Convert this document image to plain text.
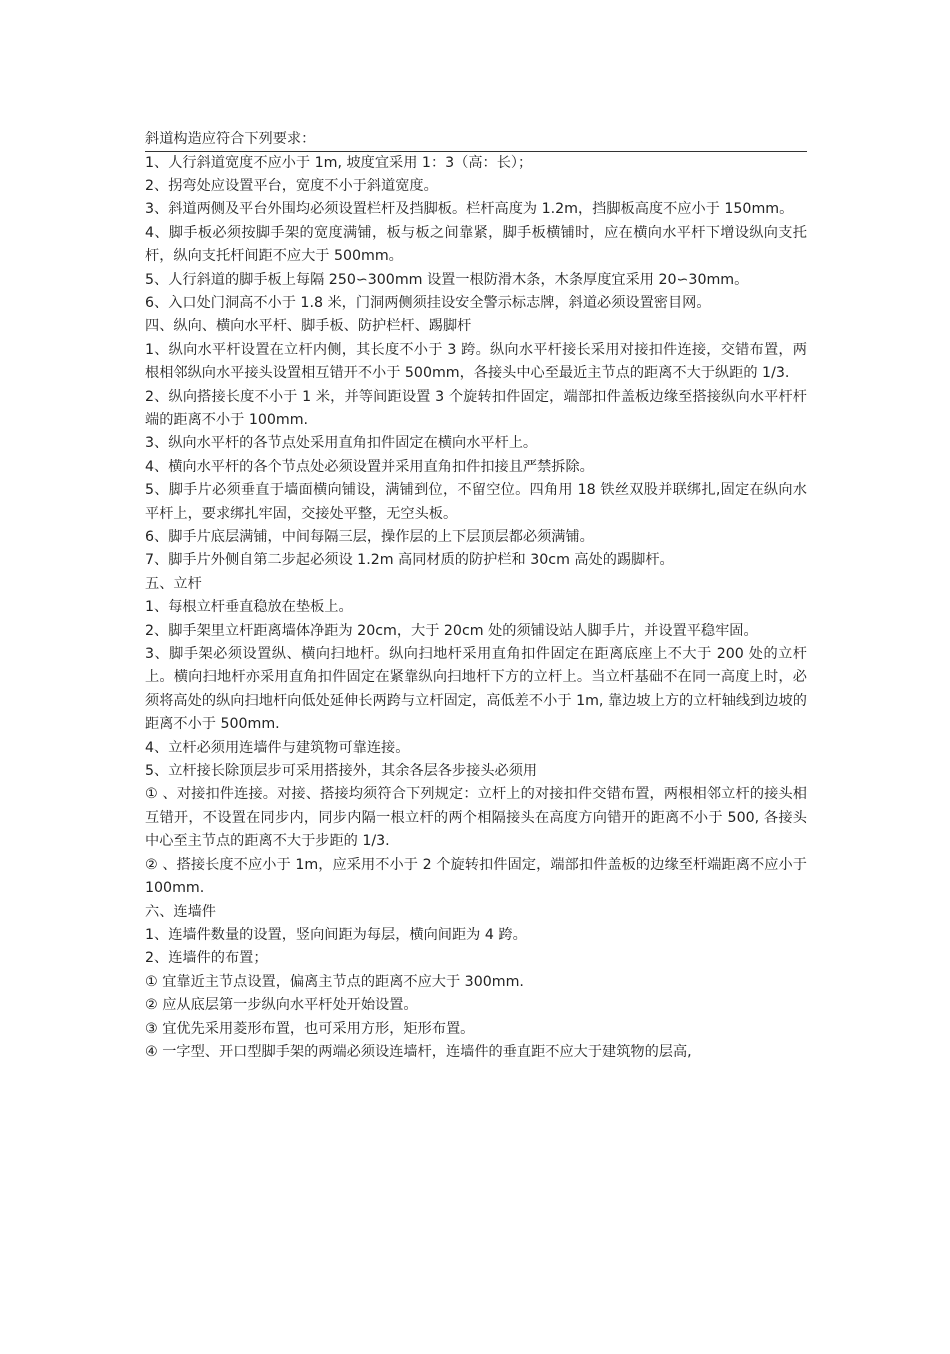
斜道构造应符合下列要求：

1、人行斜道宽度不应小于 1m, 坡度宜采用 1：3（高：长）；

2、拐弯处应设置平台，宽度不小于斜道宽度。

3、斜道两侧及平台外围均必须设置栏杆及挡脚板。栏杆高度为 1.2m，挡脚板高度不应小于 150mm。

4、脚手板必须按脚手架的宽度满铺，板与板之间靠紧，脚手板横铺时，应在横向水平杆下增设纵向支托杆，纵向支托杆间距不应大于 500mm。

5、人行斜道的脚手板上每隔 250∽300mm 设置一根防滑木条，木条厚度宜采用 20∽30mm。

6、入口处门洞高不小于 1.8 米，门洞两侧须挂设安全警示标志牌，斜道必须设置密目网。

四、纵向、横向水平杆、脚手板、防护栏杆、踢脚杆

1、纵向水平杆设置在立杆内侧，其长度不小于 3 跨。纵向水平杆接长采用对接扣件连接，交错布置，两根相邻纵向水平接头设置相互错开不小于 500mm，各接头中心至最近主节点的距离不大于纵距的 1/3.

2、纵向搭接长度不小于 1 米，并等间距设置 3 个旋转扣件固定，端部扣件盖板边缘至搭接纵向水平杆杆端的距离不小于 100mm.

3、纵向水平杆的各节点处采用直角扣件固定在横向水平杆上。

4、横向水平杆的各个节点处必须设置并采用直角扣件扣接且严禁拆除。

5、脚手片必须垂直于墙面横向铺设，满铺到位，不留空位。四角用 18 铁丝双股并联绑扎,固定在纵向水平杆上，要求绑扎牢固，交接处平整，无空头板。

6、脚手片底层满铺，中间每隔三层，操作层的上下层顶层都必须满铺。

7、脚手片外侧自第二步起必须设 1.2m 高同材质的防护栏和 30cm 高处的踢脚杆。

五、立杆

1、每根立杆垂直稳放在垫板上。

2、脚手架里立杆距离墙体净距为 20cm，大于 20cm 处的须铺设站人脚手片，并设置平稳牢固。

3、脚手架必须设置纵、横向扫地杆。纵向扫地杆采用直角扣件固定在距离底座上不大于 200 处的立杆上。横向扫地杆亦采用直角扣件固定在紧靠纵向扫地杆下方的立杆上。当立杆基础不在同一高度上时，必须将高处的纵向扫地杆向低处延伸长两跨与立杆固定，高低差不小于 1m, 靠边坡上方的立杆轴线到边坡的距离不小于 500mm.

4、立杆必须用连墙件与建筑物可靠连接。

5、立杆接长除顶层步可采用搭接外，其余各层各步接头必须用

① 、对接扣件连接。对接、搭接均须符合下列规定：立杆上的对接扣件交错布置，两根相邻立杆的接头相互错开，不设置在同步内，同步内隔一根立杆的两个相隔接头在高度方向错开的距离不小于 500, 各接头中心至主节点的距离不大于步距的 1/3.

② 、搭接长度不应小于 1m，应采用不小于 2 个旋转扣件固定，端部扣件盖板的边缘至杆端距离不应小于 100mm.

六、连墙件

1、连墙件数量的设置，竖向间距为每层，横向间距为 4 跨。

2、连墙件的布置；

① 宜靠近主节点设置，偏离主节点的距离不应大于 300mm.

② 应从底层第一步纵向水平杆处开始设置。

③ 宜优先采用菱形布置，也可采用方形，矩形布置。

④ 一字型、开口型脚手架的两端必须设连墙杆，连墙件的垂直距不应大于建筑物的层高,
